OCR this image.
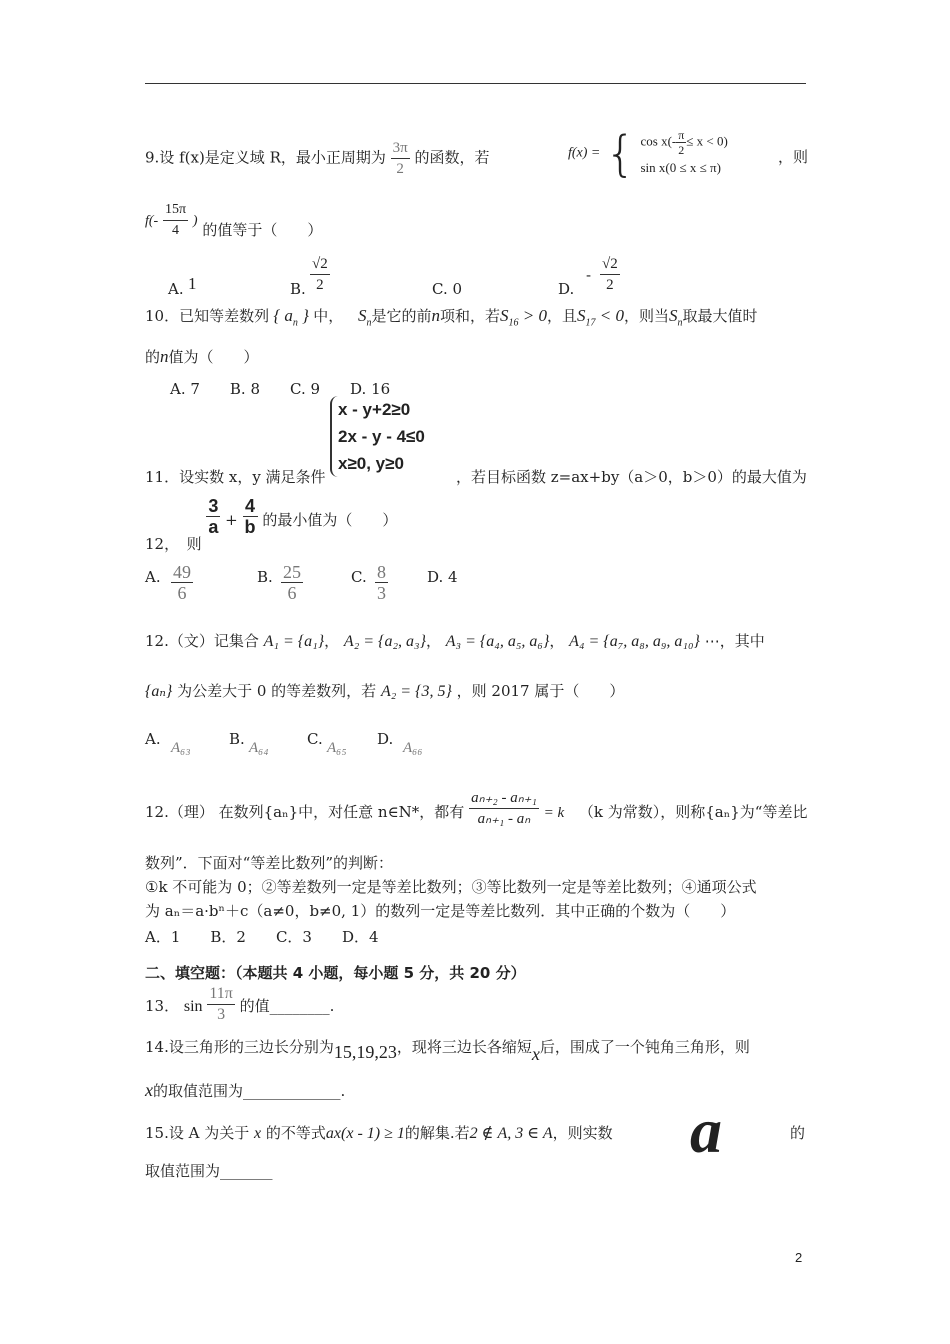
9.设 f(x)是定义域 R，最小正周期为 $\frac{3\pi}{2}$ 的函数，若	f(x) = { $\cos x(- \frac{\pi}{2} \le x < 0)$
sin x(0 ≤ x ≤ π)
，则
$f(- \frac{15\pi}{4}$ ) 的值等于（　　）
A. 1	B. $\frac{√2}{2}$	C. 0	D.
- $\frac{√2}{2}$
10．已知等差数列 { $a_n$ } 中， $S_n$是它的前n项和，若$S_{16} > 0$，且$S_{17} < 0$，则当$S_n$取最大值时
的n值为（　　）
A. 7　　B. 8　　C. 9　　D. 16
x - y+2≥0
2x - y - 4≤0
x≥0, y≥0
11．设实数 x，y 满足条件	，若目标函数 z=ax+by（a＞0，b＞0）的最大值为
12，　则
$\frac{3}{a} + \frac{4}{b}$ 的最小值为（　　）
A. $\frac{49}{6}$	B. $\frac{25}{6}$	C. $\frac{8}{3}$	D. 4
12.（文）记集合 A₁ = {a₁}， A₂ = {a₂, a₃}， A₃ = {a₄, a₅, a₆}， A₄ = {a₇, a₈, a₉, a₁₀} ⋯，其中
{aₙ} 为公差大于 0 的等差数列，若 A₂ = {3, 5} ，则 2017 属于（　　）
A. A₆₃	B. A₆₄	C. A₆₅ D. A₆₆
12.（理） 在数列{aₙ}中，对任意 n∈N*，都有 $\frac{\text{aₙ₊₂ - aₙ₊₁}}{\text{aₙ₊₁ - aₙ}} = k$ （k 为常数），则称{aₙ}为“等差比
数列”．下面对“等差比数列”的判断：
①k 不可能为 0；②等差数列一定是等差比数列；③等比数列一定是等差比数列；④通项公式
为 aₙ＝a·bⁿ＋c（a≠0，b≠0, 1）的数列一定是等差比数列．其中正确的个数为（　　）
A．1　　B．2　　C．3　　D．4
二、填空题：（本题共 4 小题，每小题 5 分，共 20 分）
13． $\sin \frac{11\pi}{3}$ 的值________.
14.设三角形的三边长分别为15,19,23，现将三边长各缩短x后，围成了一个钝角三角形，则
x的取值范围为_____________.
15.设 A 为关于 x 的不等式ax(x - 1) ≥ 1的解集.若2 ∉ A, 3 ∈ A，则实数 a	的
取值范围为_______
2
